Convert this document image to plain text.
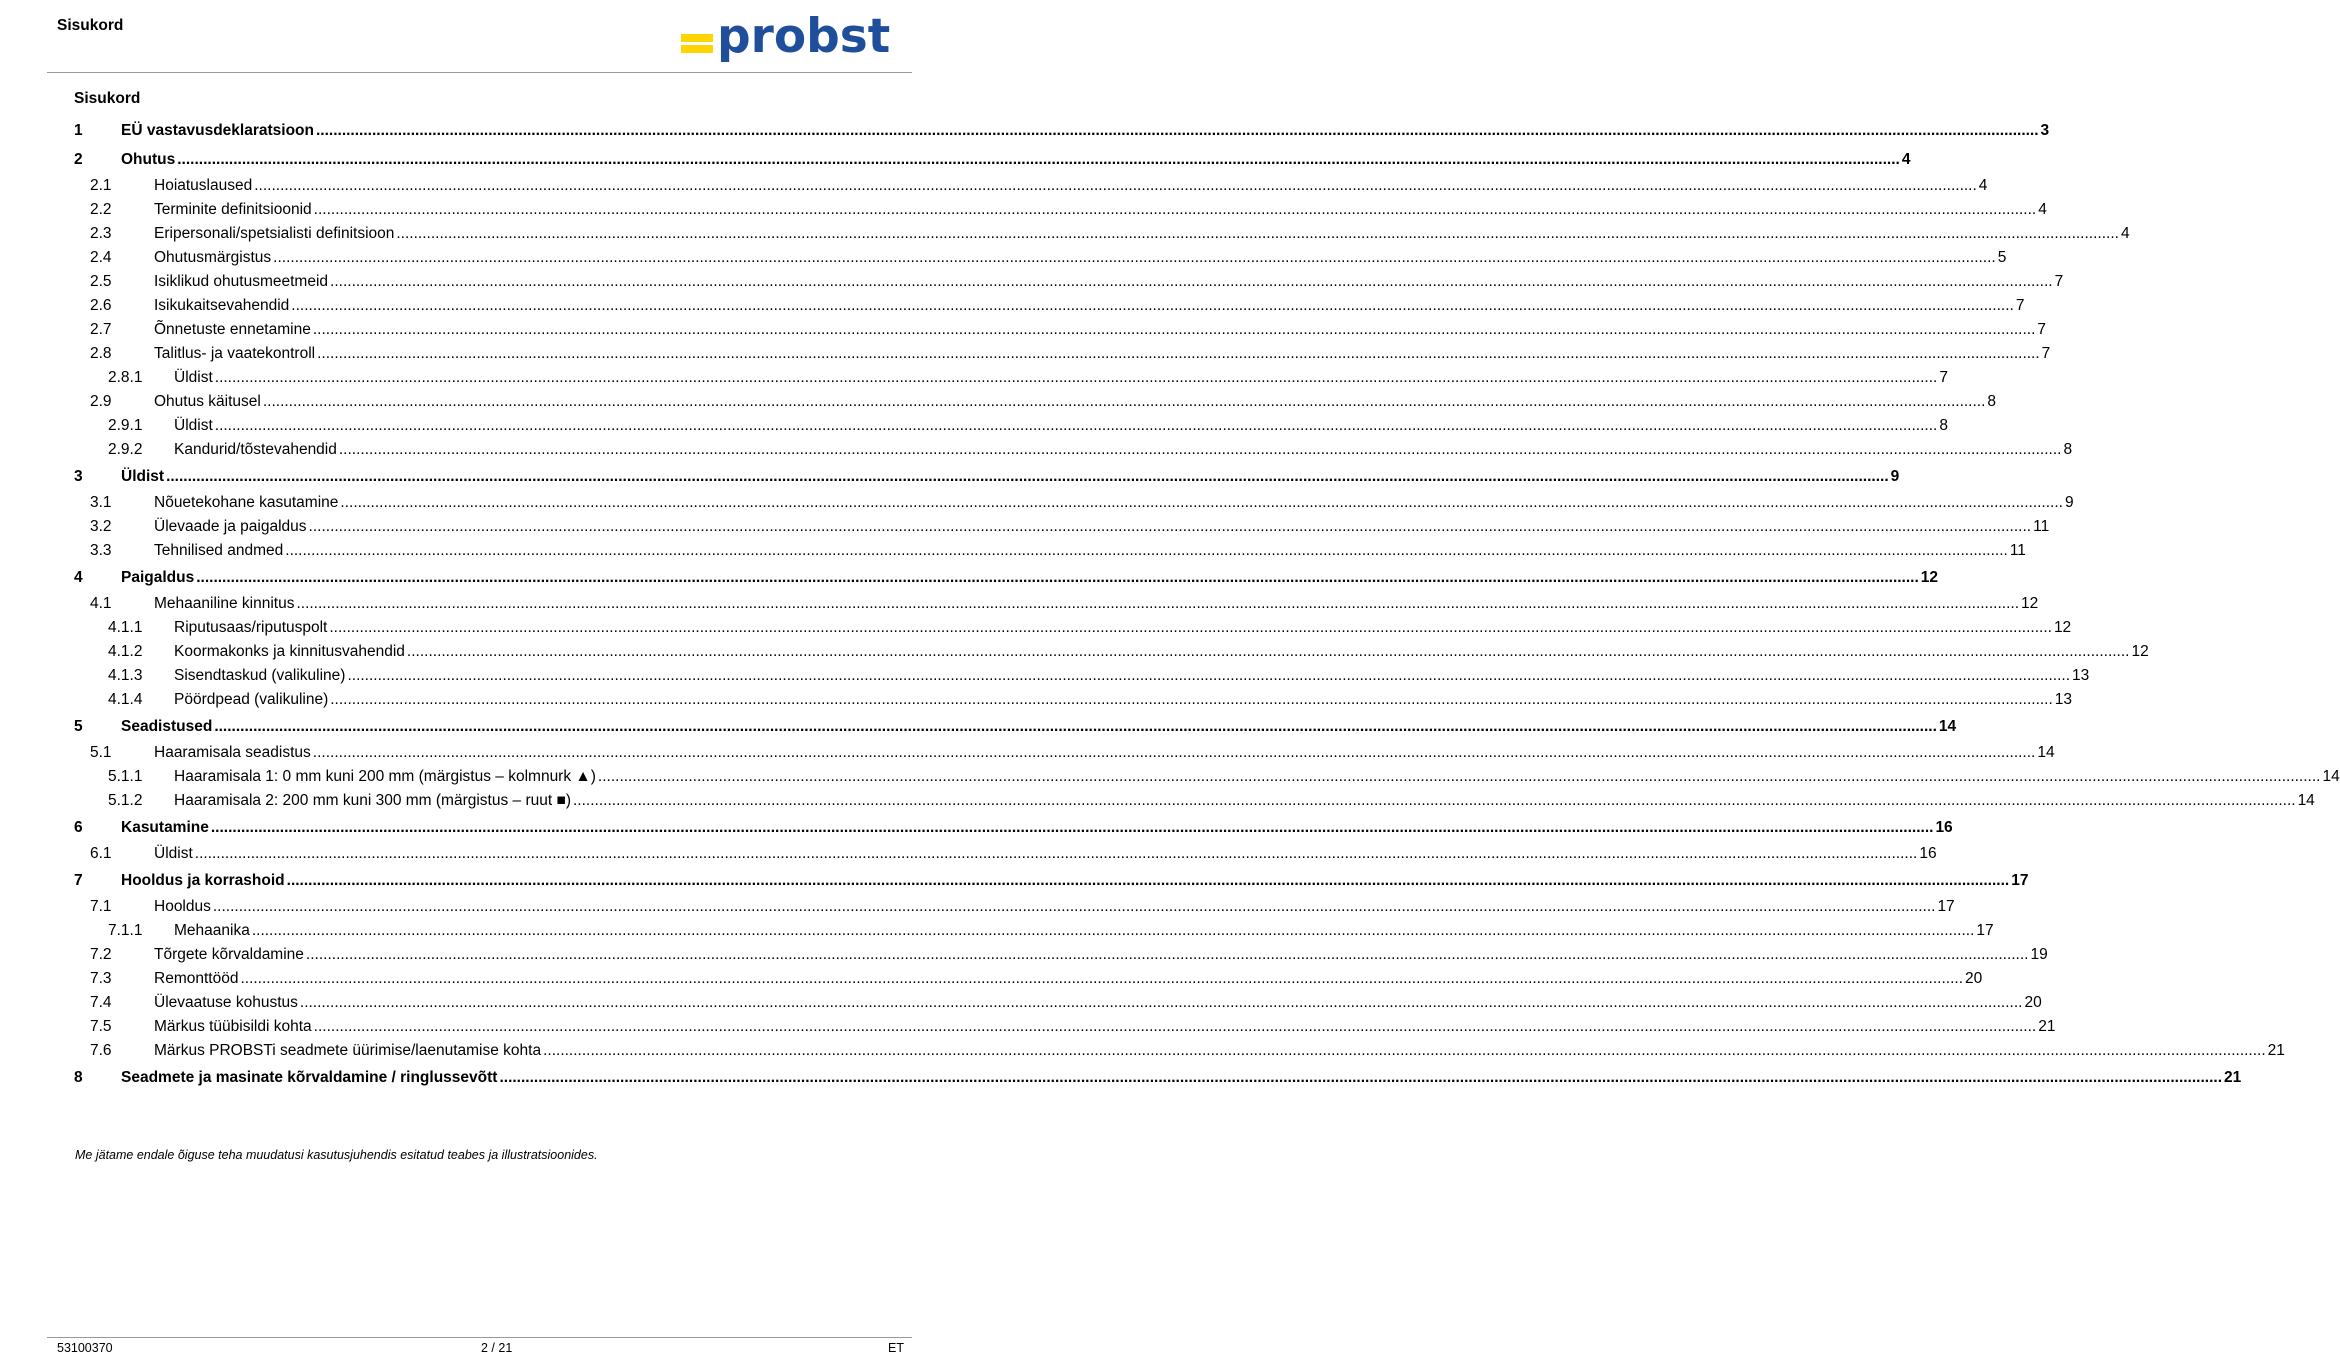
Sisukord	probst
Sisukord
1 EÜ vastavusdeklaratsioon ................................................................................................................................................................................................................................................................................................................................................................................................................ 3
2 Ohutus ................................................................................................................................................................................................................................................................................................................................................................................................................ 4
2.1	Hoiatuslaused ................................................................................................................................................................................................................................................................................................................................................................................................................ 4
2.2	Terminite definitsioonid ................................................................................................................................................................................................................................................................................................................................................................................................................ 4
2.3	Eripersonali/spetsialisti definitsioon ................................................................................................................................................................................................................................................................................................................................................................................................................ 4
2.4	Ohutusmärgistus ................................................................................................................................................................................................................................................................................................................................................................................................................ 5
2.5	Isiklikud ohutusmeetmeid ................................................................................................................................................................................................................................................................................................................................................................................................................ 7
2.6	Isikukaitsevahendid ................................................................................................................................................................................................................................................................................................................................................................................................................ 7
2.7	Õnnetuste ennetamine ................................................................................................................................................................................................................................................................................................................................................................................................................ 7
2.8	Talitlus- ja vaatekontroll ................................................................................................................................................................................................................................................................................................................................................................................................................ 7
2.8.1 Üldist ................................................................................................................................................................................................................................................................................................................................................................................................................ 7
2.9	Ohutus käitusel ................................................................................................................................................................................................................................................................................................................................................................................................................ 8
2.9.1 Üldist ................................................................................................................................................................................................................................................................................................................................................................................................................ 8
2.9.2 Kandurid/tõstevahendid ................................................................................................................................................................................................................................................................................................................................................................................................................ 8
3 Üldist ................................................................................................................................................................................................................................................................................................................................................................................................................ 9
3.1	Nõuetekohane kasutamine ................................................................................................................................................................................................................................................................................................................................................................................................................ 9
3.2	Ülevaade ja paigaldus ................................................................................................................................................................................................................................................................................................................................................................................................................ 11
3.3	Tehnilised andmed ................................................................................................................................................................................................................................................................................................................................................................................................................ 11
4 Paigaldus ................................................................................................................................................................................................................................................................................................................................................................................................................ 12
4.1	Mehaaniline kinnitus ................................................................................................................................................................................................................................................................................................................................................................................................................ 12
4.1.1 Riputusaas/riputuspolt ................................................................................................................................................................................................................................................................................................................................................................................................................ 12
4.1.2 Koormakonks ja kinnitusvahendid ................................................................................................................................................................................................................................................................................................................................................................................................................ 12
4.1.3 Sisendtaskud (valikuline) ................................................................................................................................................................................................................................................................................................................................................................................................................ 13
4.1.4 Pöördpead (valikuline) ................................................................................................................................................................................................................................................................................................................................................................................................................ 13
5 Seadistused ................................................................................................................................................................................................................................................................................................................................................................................................................ 14
5.1	Haaramisala seadistus ................................................................................................................................................................................................................................................................................................................................................................................................................ 14
5.1.1 Haaramisala 1: 0 mm kuni 200 mm (märgistus – kolmnurk ▲) ................................................................................................................................................................................................................................................................................................................................................................................................................ 14
5.1.2 Haaramisala 2: 200 mm kuni 300 mm (märgistus – ruut ■) ................................................................................................................................................................................................................................................................................................................................................................................................................ 14
6 Kasutamine ................................................................................................................................................................................................................................................................................................................................................................................................................ 16
6.1	Üldist ................................................................................................................................................................................................................................................................................................................................................................................................................ 16
7 Hooldus ja korrashoid ................................................................................................................................................................................................................................................................................................................................................................................................................ 17
7.1	Hooldus ................................................................................................................................................................................................................................................................................................................................................................................................................ 17
7.1.1 Mehaanika ................................................................................................................................................................................................................................................................................................................................................................................................................ 17
7.2	Tõrgete kõrvaldamine ................................................................................................................................................................................................................................................................................................................................................................................................................ 19
7.3	Remonttööd ................................................................................................................................................................................................................................................................................................................................................................................................................ 20
7.4	Ülevaatuse kohustus ................................................................................................................................................................................................................................................................................................................................................................................................................ 20
7.5	Märkus tüübisildi kohta ................................................................................................................................................................................................................................................................................................................................................................................................................ 21
7.6	Märkus PROBSTi seadmete üürimise/laenutamise kohta ................................................................................................................................................................................................................................................................................................................................................................................................................ 21
8 Seadmete ja masinate kõrvaldamine / ringlussevõtt ................................................................................................................................................................................................................................................................................................................................................................................................................ 21
Me jätame endale õiguse teha muudatusi kasutusjuhendis esitatud teabes ja illustratsioonides.
53100370	2 / 21	ET
